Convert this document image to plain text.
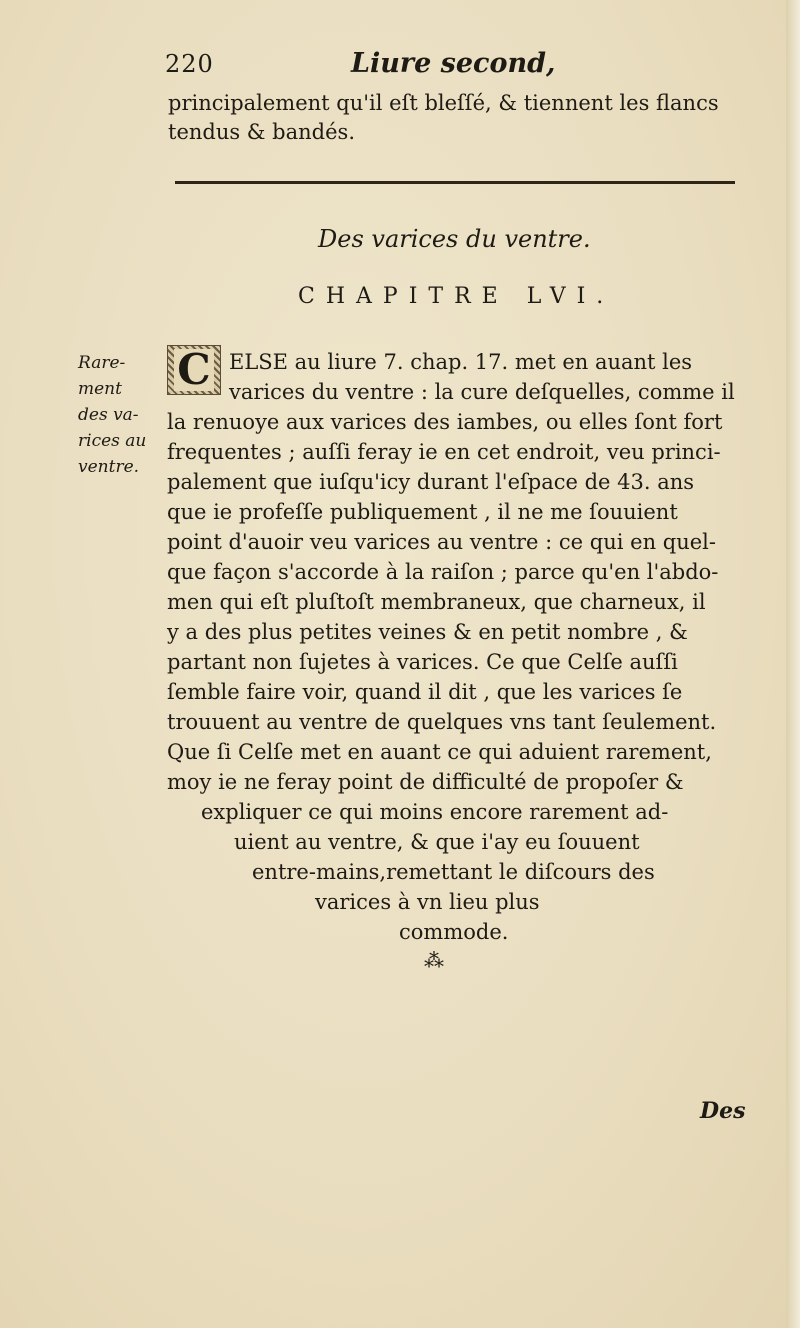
220	Liure second,
principalement qu'il eſt bleſſé, & tiennent les flancs
tendus & bandés.
Des varices du ventre.
CHAPITRE LVI.
Rare-
ment
des va-
rices au
ventre.
C ELSE au liure 7. chap. 17. met en auant les
varices du ventre : la cure deſquelles, comme il
la renuoye aux varices des iambes, ou elles ſont fort
frequentes ; auſſi feray ie en cet endroit, veu princi-
palement que iuſqu'icy durant l'eſpace de 43. ans
que ie profeſſe publiquement , il ne me ſouuient
point d'auoir veu varices au ventre : ce qui en quel-
que façon s'accorde à la raiſon ; parce qu'en l'abdo-
men qui eſt pluſtoſt membraneux, que charneux, il
y a des plus petites veines & en petit nombre , &
partant non ſujetes à varices. Ce que Celſe auſſi
ſemble faire voir, quand il dit , que les varices ſe
trouuent au ventre de quelques vns tant ſeulement.
Que ſi Celſe met en auant ce qui aduient rarement,
moy ie ne feray point de difficulté de propoſer &
expliquer ce qui moins encore rarement ad-
uient au ventre, & que i'ay eu ſouuent
entre-mains,remettant le diſcours des
varices à vn lieu plus
commode.
⁂
Des
